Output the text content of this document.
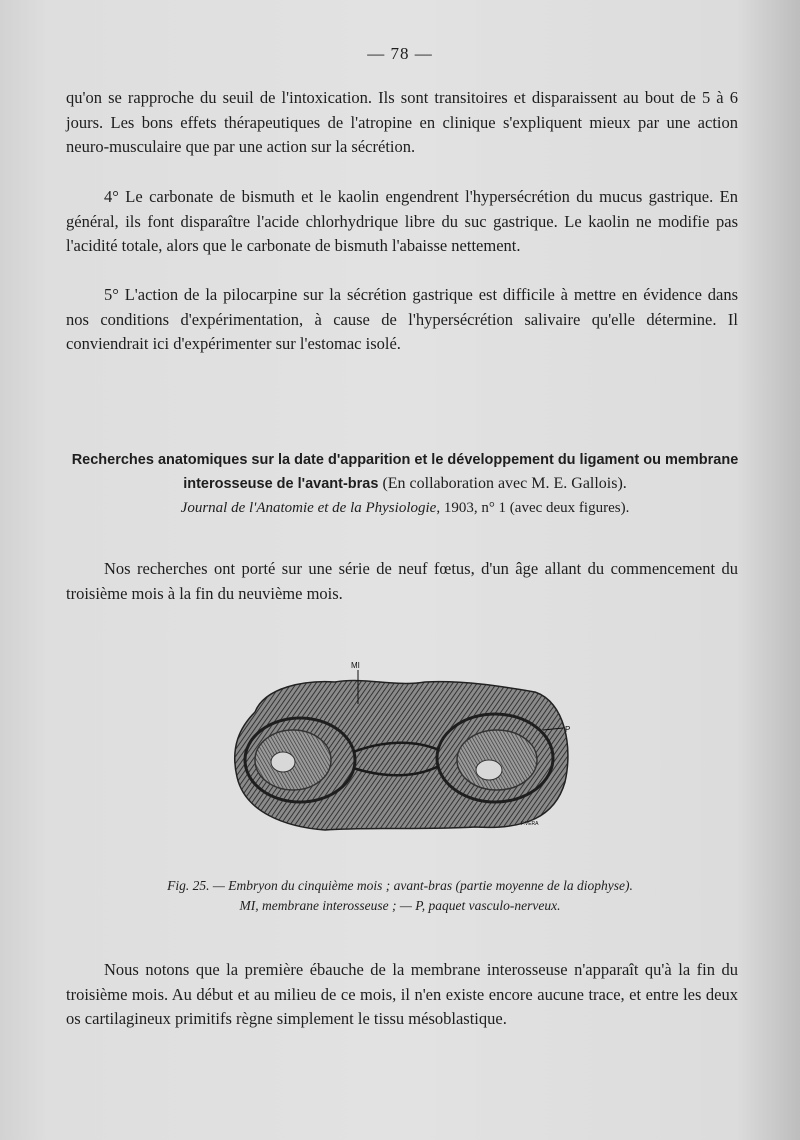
— 78 —

qu'on se rapproche du seuil de l'intoxication. Ils sont transitoires et disparaissent au bout de 5 à 6 jours. Les bons effets thérapeutiques de l'atropine en clinique s'expliquent mieux par une action neuro-musculaire que par une action sur la sécrétion.

4° Le carbonate de bismuth et le kaolin engendrent l'hypersécrétion du mucus gastrique. En général, ils font disparaître l'acide chlorhydrique libre du suc gastrique. Le kaolin ne modifie pas l'acidité totale, alors que le carbonate de bismuth l'abaisse nettement.

5° L'action de la pilocarpine sur la sécrétion gastrique est difficile à mettre en évidence dans nos conditions d'expérimentation, à cause de l'hypersécrétion salivaire qu'elle détermine. Il conviendrait ici d'expérimenter sur l'estomac isolé.

Recherches anatomiques sur la date d'apparition et le développement du ligament ou membrane interosseuse de l'avant-bras (En collaboration avec M. E. Gallois).
Journal de l'Anatomie et de la Physiologie, 1903, n° 1 (avec deux figures).

Nos recherches ont porté sur une série de neuf fœtus, d'un âge allant du commencement du troisième mois à la fin du neuvième mois.

MI
P
F.VERA
Fig. 25. — Embryon du cinquième mois ; avant-bras (partie moyenne de la diophyse).
MI, membrane interosseuse ; — P, paquet vasculo-nerveux.

Nous notons que la première ébauche de la membrane interosseuse n'apparaît qu'à la fin du troisième mois. Au début et au milieu de ce mois, il n'en existe encore aucune trace, et entre les deux os cartilagineux primitifs règne simplement le tissu mésoblastique.
